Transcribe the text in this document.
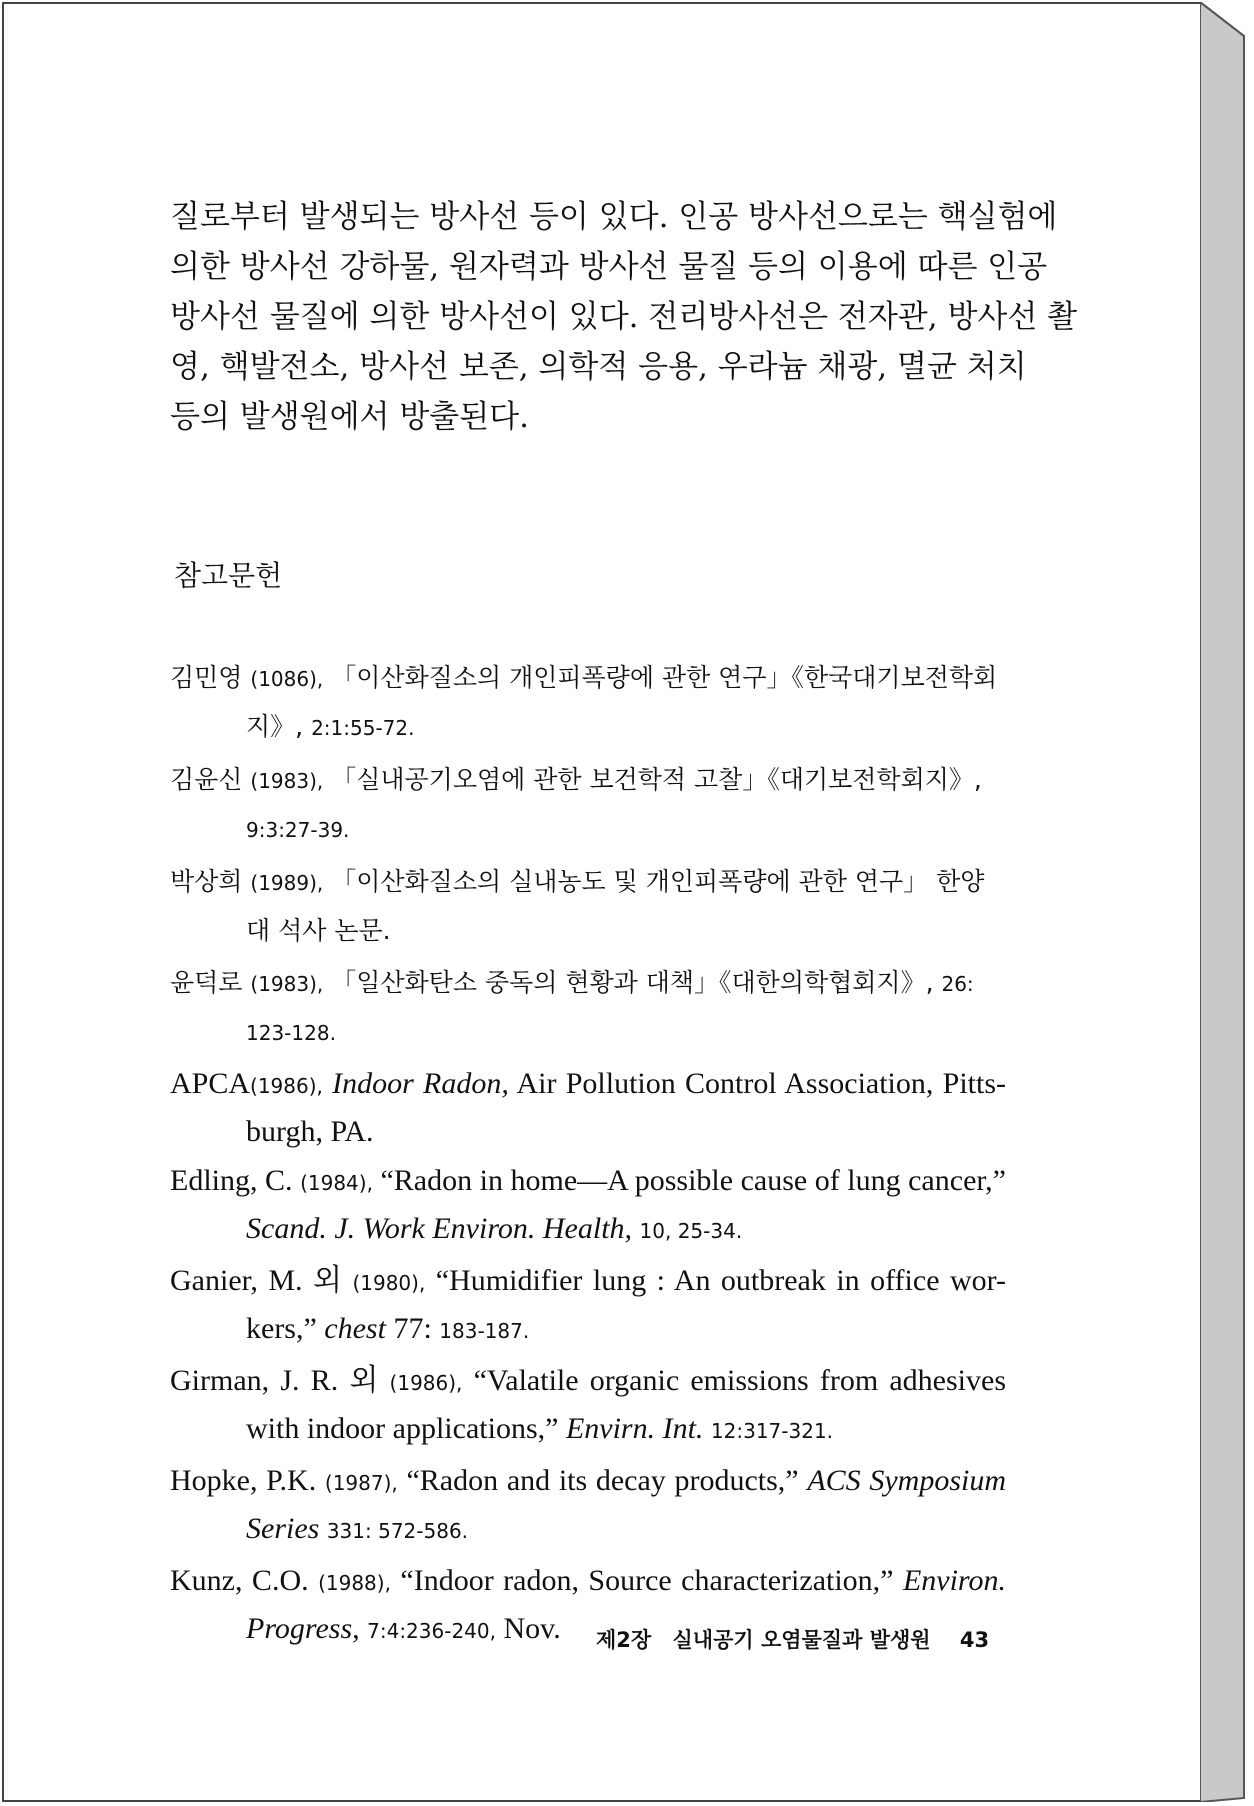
질로부터 발생되는 방사선 등이 있다. 인공 방사선으로는 핵실험에
의한 방사선 강하물, 원자력과 방사선 물질 등의 이용에 따른 인공
방사선 물질에 의한 방사선이 있다. 전리방사선은 전자관, 방사선 촬
영, 핵발전소, 방사선 보존, 의학적 응용, 우라늄 채광, 멸균 처치
등의 발생원에서 방출된다.
참고문헌
김민영 (1086), 「이산화질소의 개인피폭량에 관한 연구」《한국대기보전학회
지》, 2:1:55-72.
김윤신 (1983), 「실내공기오염에 관한 보건학적 고찰」《대기보전학회지》,
9:3:27-39.
박상희 (1989), 「이산화질소의 실내농도 및 개인피폭량에 관한 연구」 한양
대 석사 논문.
윤덕로 (1983), 「일산화탄소 중독의 현황과 대책」《대한의학협회지》, 26:
123-128.
APCA(1986), Indoor Radon, Air Pollution Control Association, Pitts-
burgh, PA.
Edling, C. (1984), “Radon in home—A possible cause of lung cancer,”
Scand. J. Work Environ. Health, 10, 25-34.
Ganier, M. 외 (1980), “Humidifier lung : An outbreak in office wor-
kers,” chest 77: 183-187.
Girman, J. R. 외 (1986), “Valatile organic emissions from adhesives
with indoor applications,” Envirn. Int. 12:317-321.
Hopke, P.K. (1987), “Radon and its decay products,” ACS Symposium
Series 331: 572-586.
Kunz, C.O. (1988), “Indoor radon, Source characterization,” Environ.
Progress, 7:4:236-240, Nov.	제2장 실내공기 오염물질과 발생원 43
